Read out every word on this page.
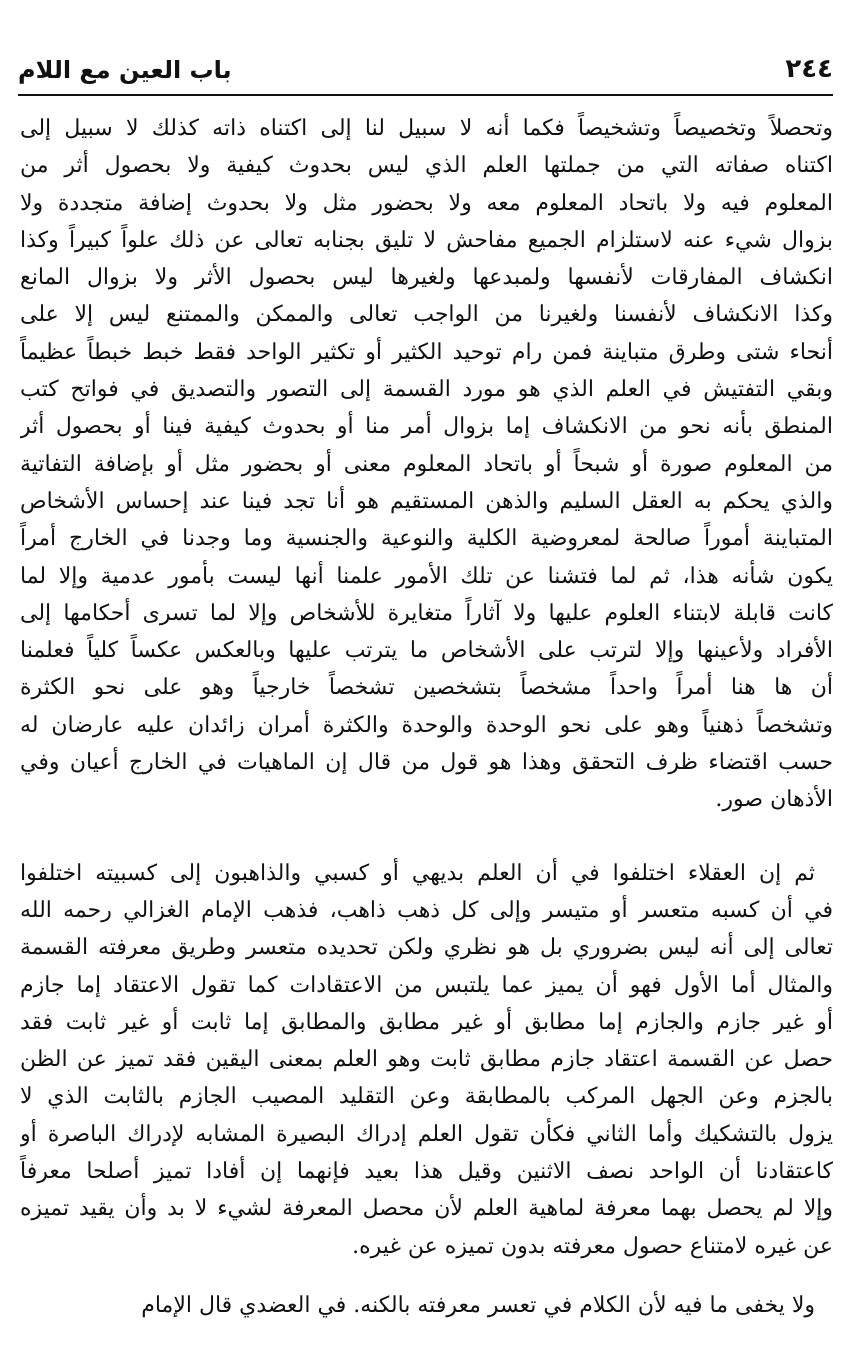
٢٤٤
باب العين مع اللام
وتحصلاً وتخصيصاً وتشخيصاً فكما أنه لا سبيل لنا إلى اكتناه ذاته كذلك لا سبيل إلى
اكتناه صفاته التي من جملتها العلم الذي ليس بحدوث كيفية ولا بحصول أثر من
المعلوم فيه ولا باتحاد المعلوم معه ولا بحضور مثل ولا بحدوث إضافة متجددة ولا
بزوال شيء عنه لاستلزام الجميع مفاحش لا تليق بجنابه تعالى عن ذلك علواً كبيراً وكذا
انكشاف المفارقات لأنفسها ولمبدعها ولغيرها ليس بحصول الأثر ولا بزوال المانع
وكذا الانكشاف لأنفسنا ولغيرنا من الواجب تعالى والممكن والممتنع ليس إلا على
أنحاء شتى وطرق متباينة فمن رام توحيد الكثير أو تكثير الواحد فقط خبط خبطاً عظيماً
وبقي التفتيش في العلم الذي هو مورد القسمة إلى التصور والتصديق في فواتح كتب
المنطق بأنه نحو من الانكشاف إما بزوال أمر منا أو بحدوث كيفية فينا أو بحصول أثر
من المعلوم صورة أو شبحاً أو باتحاد المعلوم معنى أو بحضور مثل أو بإضافة التفاتية
والذي يحكم به العقل السليم والذهن المستقيم هو أنا تجد فينا عند إحساس الأشخاص
المتباينة أموراً صالحة لمعروضية الكلية والنوعية والجنسية وما وجدنا في الخارج أمراً
يكون شأنه هذا، ثم لما فتشنا عن تلك الأمور علمنا أنها ليست بأمور عدمية وإلا لما
كانت قابلة لابتناء العلوم عليها ولا آثاراً متغايرة للأشخاص وإلا لما تسرى أحكامها إلى
الأفراد ولأعينها وإلا لترتب على الأشخاص ما يترتب عليها وبالعكس عكساً كلياً فعلمنا
أن ها هنا أمراً واحداً مشخصاً بتشخصين تشخصاً خارجياً وهو على نحو الكثرة
وتشخصاً ذهنياً وهو على نحو الوحدة والوحدة والكثرة أمران زائدان عليه عارضان له
حسب اقتضاء ظرف التحقق وهذا هو قول من قال إن الماهيات في الخارج أعيان وفي
الأذهان صور.
ثم إن العقلاء اختلفوا في أن العلم بديهي أو كسبي والذاهبون إلى كسبيته اختلفوا
في أن كسبه متعسر أو متيسر وإلى كل ذهب ذاهب، فذهب الإمام الغزالي رحمه الله
تعالى إلى أنه ليس بضروري بل هو نظري ولكن تحديده متعسر وطريق معرفته القسمة
والمثال أما الأول فهو أن يميز عما يلتبس من الاعتقادات كما تقول الاعتقاد إما جازم
أو غير جازم والجازم إما مطابق أو غير مطابق والمطابق إما ثابت أو غير ثابت فقد
حصل عن القسمة اعتقاد جازم مطابق ثابت وهو العلم بمعنى اليقين فقد تميز عن الظن
بالجزم وعن الجهل المركب بالمطابقة وعن التقليد المصيب الجازم بالثابت الذي لا
يزول بالتشكيك وأما الثاني فكأن تقول العلم إدراك البصيرة المشابه لإدراك الباصرة أو
كاعتقادنا أن الواحد نصف الاثنين وقيل هذا بعيد فإنهما إن أفادا تميز أصلحا معرفاً
وإلا لم يحصل بهما معرفة لماهية العلم لأن محصل المعرفة لشيء لا بد وأن يقيد تميزه
عن غيره لامتناع حصول معرفته بدون تميزه عن غيره.
ولا يخفى ما فيه لأن الكلام في تعسر معرفته بالكنه. في العضدي قال الإمام
